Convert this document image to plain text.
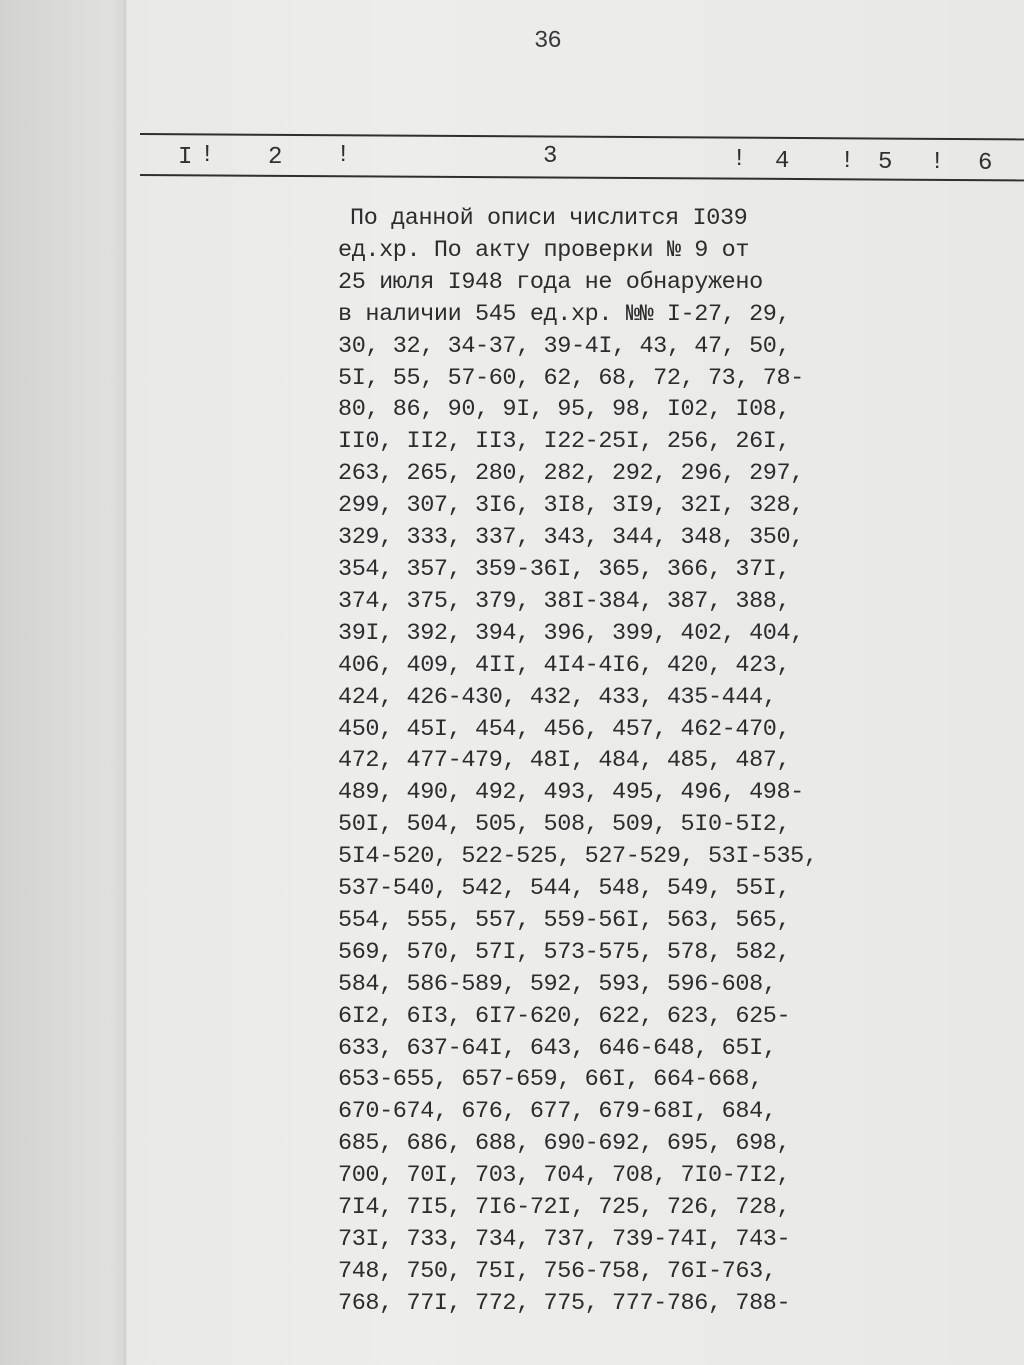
36
I ! 2 !	3	! 4 ! 5 ! 6
По данной описи числится I039
ед.хр. По акту проверки № 9 от
25 июля I948 года не обнаружено
в наличии 545 ед.хр. №№ I-27, 29,
30, 32, 34-37, 39-4I, 43, 47, 50,
5I, 55, 57-60, 62, 68, 72, 73, 78-
80, 86, 90, 9I, 95, 98, I02, I08,
II0, II2, II3, I22-25I, 256, 26I,
263, 265, 280, 282, 292, 296, 297,
299, 307, 3I6, 3I8, 3I9, 32I, 328,
329, 333, 337, 343, 344, 348, 350,
354, 357, 359-36I, 365, 366, 37I,
374, 375, 379, 38I-384, 387, 388,
39I, 392, 394, 396, 399, 402, 404,
406, 409, 4II, 4I4-4I6, 420, 423,
424, 426-430, 432, 433, 435-444,
450, 45I, 454, 456, 457, 462-470,
472, 477-479, 48I, 484, 485, 487,
489, 490, 492, 493, 495, 496, 498-
50I, 504, 505, 508, 509, 5I0-5I2,
5I4-520, 522-525, 527-529, 53I-535,
537-540, 542, 544, 548, 549, 55I,
554, 555, 557, 559-56I, 563, 565,
569, 570, 57I, 573-575, 578, 582,
584, 586-589, 592, 593, 596-608,
6I2, 6I3, 6I7-620, 622, 623, 625-
633, 637-64I, 643, 646-648, 65I,
653-655, 657-659, 66I, 664-668,
670-674, 676, 677, 679-68I, 684,
685, 686, 688, 690-692, 695, 698,
700, 70I, 703, 704, 708, 7I0-7I2,
7I4, 7I5, 7I6-72I, 725, 726, 728,
73I, 733, 734, 737, 739-74I, 743-
748, 750, 75I, 756-758, 76I-763,
768, 77I, 772, 775, 777-786, 788-
